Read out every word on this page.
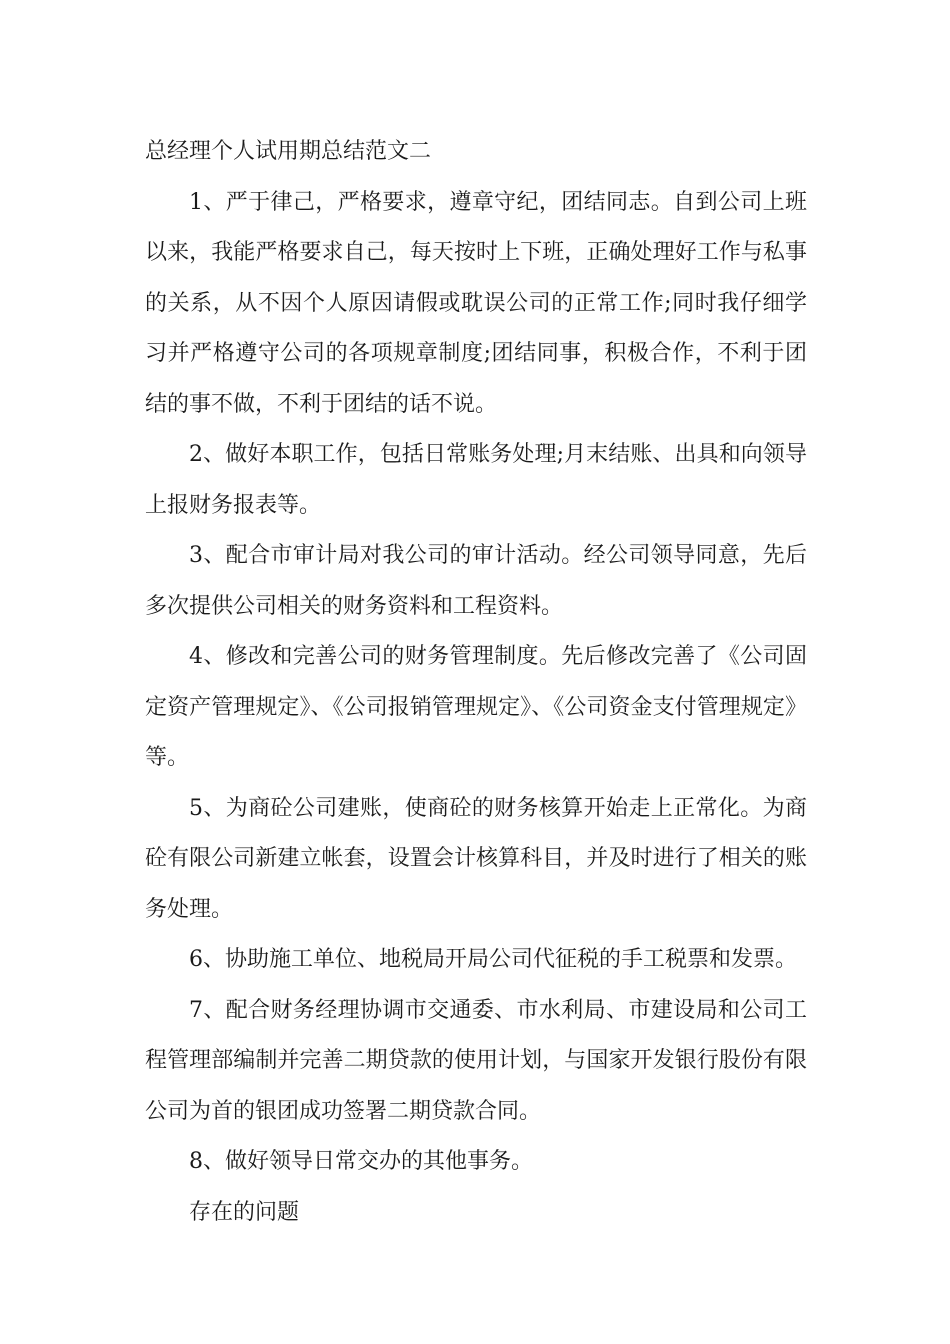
总经理个人试用期总结范文二

1、严于律己，严格要求，遵章守纪，团结同志。自到公司上班以来，我能严格要求自己，每天按时上下班，正确处理好工作与私事的关系，从不因个人原因请假或耽误公司的正常工作;同时我仔细学习并严格遵守公司的各项规章制度;团结同事，积极合作，不利于团结的事不做，不利于团结的话不说。

2、做好本职工作，包括日常账务处理;月末结账、出具和向领导上报财务报表等。

3、配合市审计局对我公司的审计活动。经公司领导同意，先后多次提供公司相关的财务资料和工程资料。

4、修改和完善公司的财务管理制度。先后修改完善了《公司固定资产管理规定》、《公司报销管理规定》、《公司资金支付管理规定》等。

5、为商砼公司建账，使商砼的财务核算开始走上正常化。为商砼有限公司新建立帐套，设置会计核算科目，并及时进行了相关的账务处理。

6、协助施工单位、地税局开局公司代征税的手工税票和发票。

7、配合财务经理协调市交通委、市水利局、市建设局和公司工程管理部编制并完善二期贷款的使用计划，与国家开发银行股份有限公司为首的银团成功签署二期贷款合同。

8、做好领导日常交办的其他事务。

存在的问题
